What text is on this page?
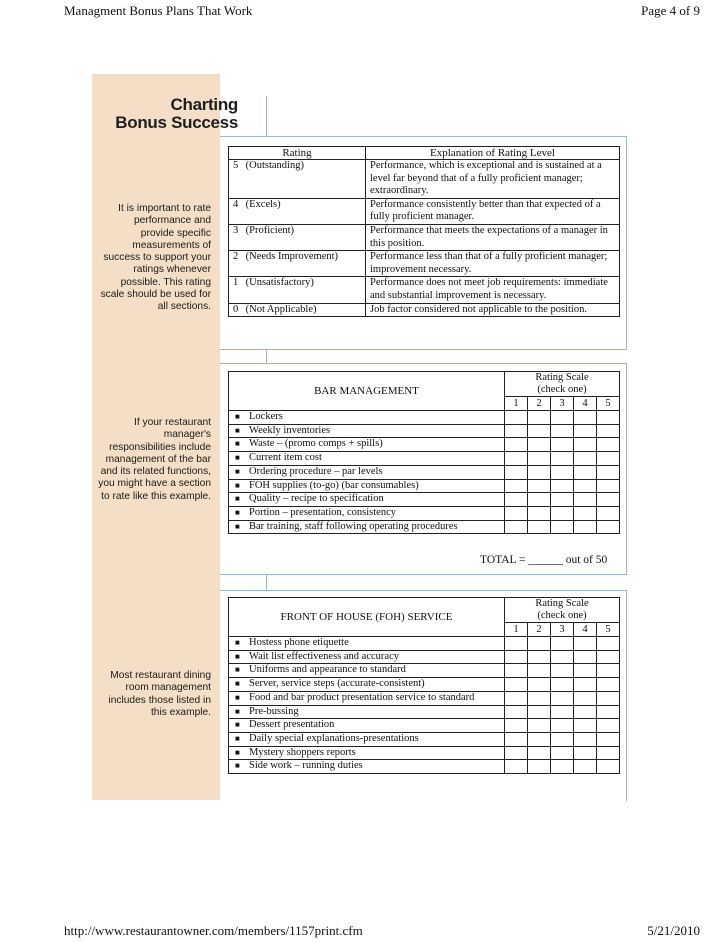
Managment Bonus Plans That Work	Page 4 of 9
http://www.restaurantowner.com/members/1157print.cfm	5/21/2010
Charting
Bonus Success
It is important to rate performance and provide specific measurements of success to support your ratings whenever possible. This rating scale should be used for all sections.
If your restaurant manager's responsibilities include management of the bar and its related functions, you might have a section to rate like this example.
Most restaurant dining room management includes those listed in this example.
Rating	Explanation of Rating Level
5 (Outstanding)	Performance, which is exceptional and is sustained at a level far beyond that of a fully proficient manager; extraordinary.
4 (Excels)	Performance consistently better than that expected of a fully proficient manager.
3 (Proficient)	Performance that meets the expectations of a manager in this position.
2 (Needs Improvement)	Performance less than that of a fully proficient manager; improvement necessary.
1 (Unsatisfactory)	Performance does not meet job requirements: immediate and substantial improvement is necessary.
0 (Not Applicable)	Job factor considered not applicable to the position.
BAR MANAGEMENT	Rating Scale
(check one)				

	1	2	3	4	5
■ Lockers					
■ Weekly inventories					
■ Waste – (promo comps + spills)					
■ Current item cost					
■ Ordering procedure – par levels					
■ FOH supplies (to-go) (bar consumables)					
■ Quality – recipe to specification					
■ Portion – presentation, consistency					
■ Bar training, staff following operating procedures					
TOTAL = ______ out of 50
FRONT OF HOUSE (FOH) SERVICE	Rating Scale
(check one)				

	1	2	3	4	5
■ Hostess phone etiquette					
■ Wait list effectiveness and accuracy					
■ Uniforms and appearance to standard					
■ Server, service steps (accurate-consistent)					
■ Food and bar product presentation service to standard					
■ Pre-bussing					
■ Dessert presentation					
■ Daily special explanations-presentations					
■ Mystery shoppers reports					
■ Side work – running duties					
